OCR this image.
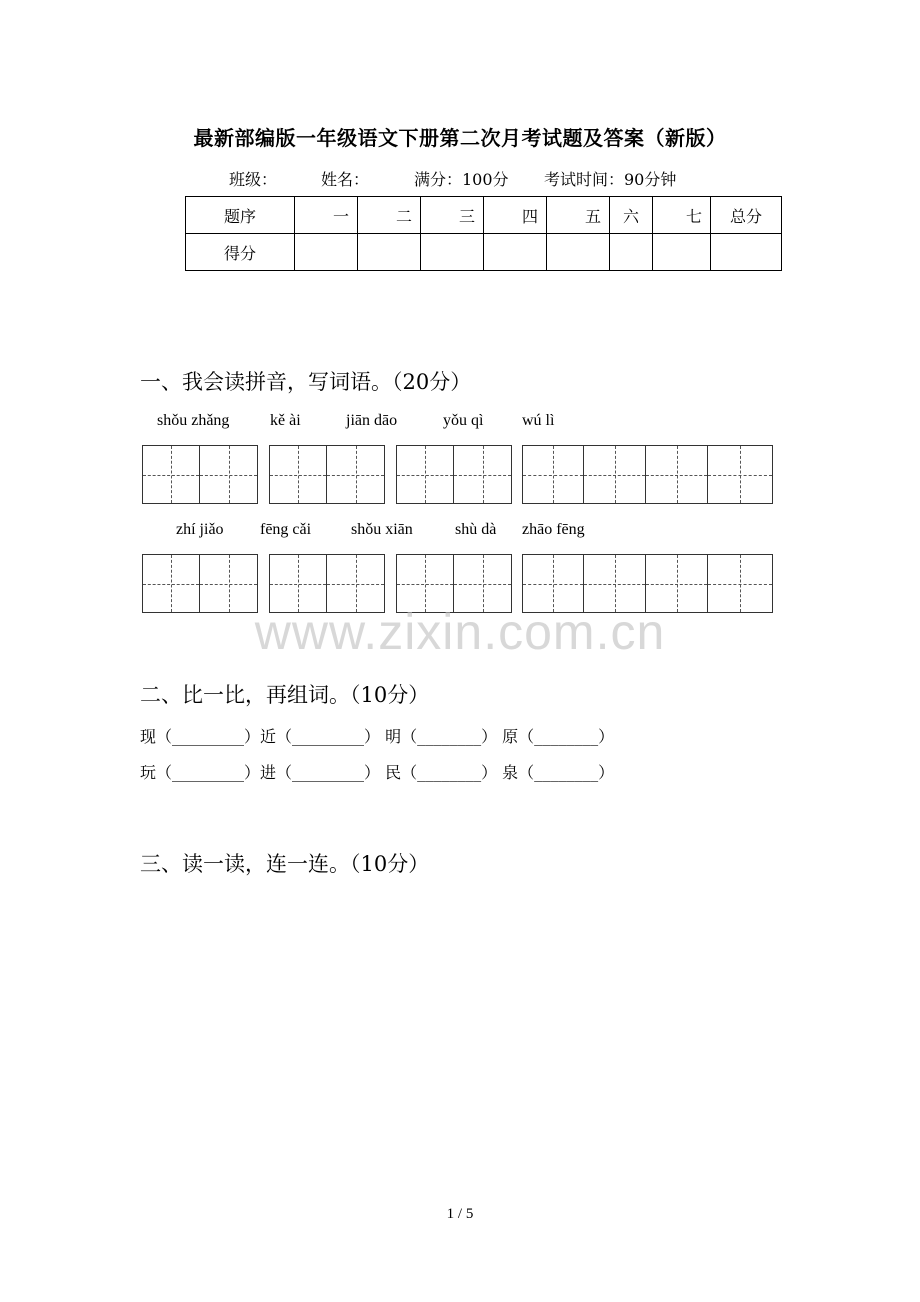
最新部编版一年级语文下册第二次月考试题及答案（新版）
班级：	姓名：	满分：100分 考试时间：90分钟
题序	一	二	三	四	五	六	七	总分
得分								
一、我会读拼音，写词语。（20分）
shǒu zhǎng	kě ài	jiān dāo	yǒu qì wú lì
zhí jiǎo fēng cǎi shǒu xiān	shù dà zhāo fēng
www.zixin.com.cn
二、比一比，再组词。（10分）
现（_________）近（_________） 明（________） 原（________）
玩（_________）进（_________） 民（________） 泉（________）
三、读一读，连一连。（10分）
1 / 5
